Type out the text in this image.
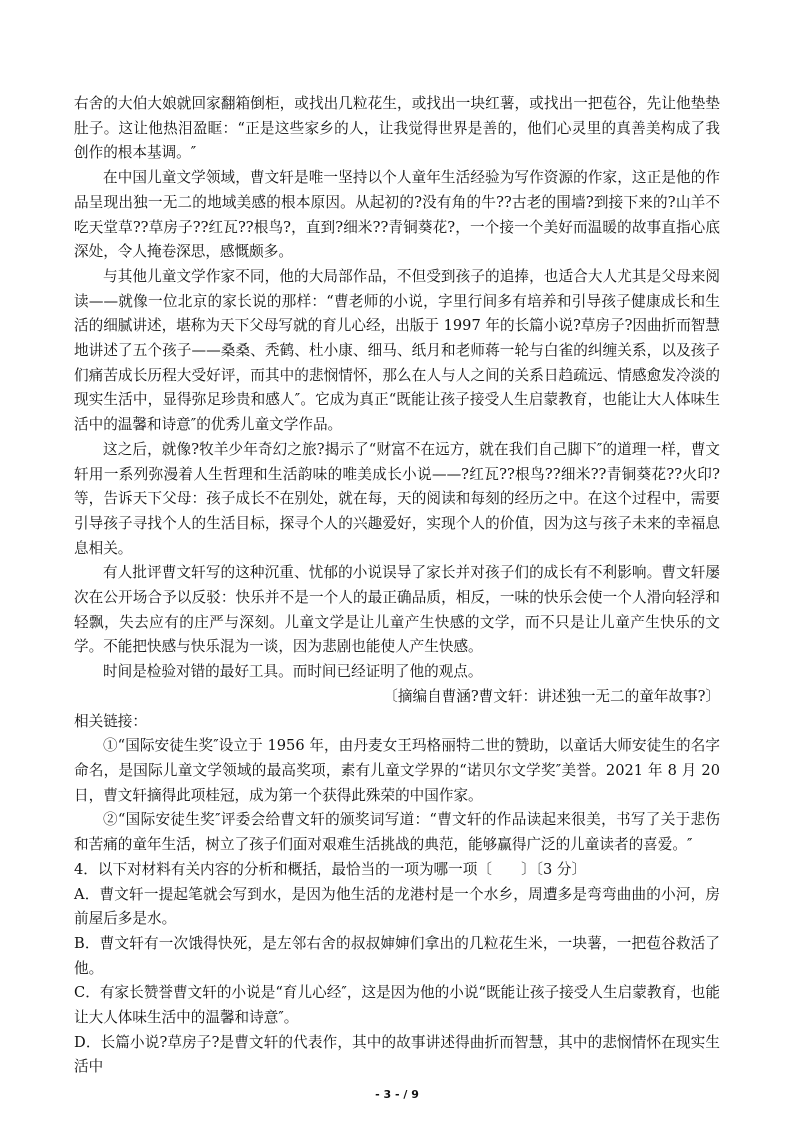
右舍的大伯大娘就回家翻箱倒柜，或找出几粒花生，或找出一块红薯，或找出一把苞谷，先让他垫垫肚子。这让他热泪盈眶：“正是这些家乡的人，让我觉得世界是善的，他们心灵里的真善美构成了我创作的根本基调。″

在中国儿童文学领域，曹文轩是唯一坚持以个人童年生活经验为写作资源的作家，这正是他的作品呈现出独一无二的地域美感的根本原因。从起初的?没有角的牛??古老的围墙?到接下来的?山羊不吃天堂草??草房子??红瓦??根鸟?，直到?细米??青铜葵花?，一个接一个美好而温暖的故事直指心底深处，令人掩卷深思，感慨颇多。

与其他儿童文学作家不同，他的大局部作品，不但受到孩子的追捧，也适合大人尤其是父母来阅读——就像一位北京的家长说的那样：“曹老师的小说，字里行间多有培养和引导孩子健康成长和生活的细腻讲述，堪称为天下父母写就的育儿心经，出版于 1997 年的长篇小说?草房子?因曲折而智慧地讲述了五个孩子——桑桑、秃鹤、杜小康、细马、纸月和老师蒋一轮与白雀的纠缠关系，以及孩子们痛苦成长历程大受好评，而其中的悲悯情怀，那么在人与人之间的关系日趋疏远、情感愈发冷淡的现实生活中，显得弥足珍贵和感人″。它成为真正“既能让孩子接受人生启蒙教育，也能让大人体味生活中的温馨和诗意″的优秀儿童文学作品。

这之后，就像?牧羊少年奇幻之旅?揭示了“财富不在远方，就在我们自己脚下″的道理一样，曹文轩用一系列弥漫着人生哲理和生活韵味的唯美成长小说——?红瓦??根鸟??细米??青铜葵花??火印?等，告诉天下父母：孩子成长不在别处，就在每，天的阅读和每刻的经历之中。在这个过程中，需要引导孩子寻找个人的生活目标，探寻个人的兴趣爱好，实现个人的价值，因为这与孩子未来的幸福息息相关。

有人批评曹文轩写的这种沉重、忧郁的小说误导了家长并对孩子们的成长有不利影响。曹文轩屡次在公开场合予以反驳：快乐并不是一个人的最正确品质，相反，一味的快乐会使一个人滑向轻浮和轻飘，失去应有的庄严与深刻。儿童文学是让儿童产生快感的文学，而不只是让儿童产生快乐的文学。不能把快感与快乐混为一谈，因为悲剧也能使人产生快感。

时间是检验对错的最好工具。而时间已经证明了他的观点。

〔摘编自曹涵?曹文轩：讲述独一无二的童年故事?〕

相关链接：

①“国际安徒生奖″设立于 1956 年，由丹麦女王玛格丽特二世的赞助，以童话大师安徒生的名字命名，是国际儿童文学领域的最高奖项，素有儿童文学界的“诺贝尔文学奖″美誉。2021 年 8 月 20 日，曹文轩摘得此项桂冠，成为第一个获得此殊荣的中国作家。

②“国际安徒生奖″评委会给曹文轩的颁奖词写道：“曹文轩的作品读起来很美，书写了关于悲伤和苦痛的童年生活，树立了孩子们面对艰难生活挑战的典范，能够赢得广泛的儿童读者的喜爱。″

4．以下对材料有关内容的分析和概括，最恰当的一项为哪一项〔　　〕〔3 分〕

A．曹文轩一提起笔就会写到水，是因为他生活的龙港村是一个水乡，周遭多是弯弯曲曲的小河，房前屋后多是水。

B．曹文轩有一次饿得快死，是左邻右舍的叔叔婶婶们拿出的几粒花生米，一块薯，一把苞谷救活了他。

C．有家长赞誉曹文轩的小说是“育儿心经″，这是因为他的小说“既能让孩子接受人生启蒙教育，也能让大人体味生活中的温馨和诗意″。

D．长篇小说?草房子?是曹文轩的代表作，其中的故事讲述得曲折而智慧，其中的悲悯情怀在现实生活中

- 3 - / 9
